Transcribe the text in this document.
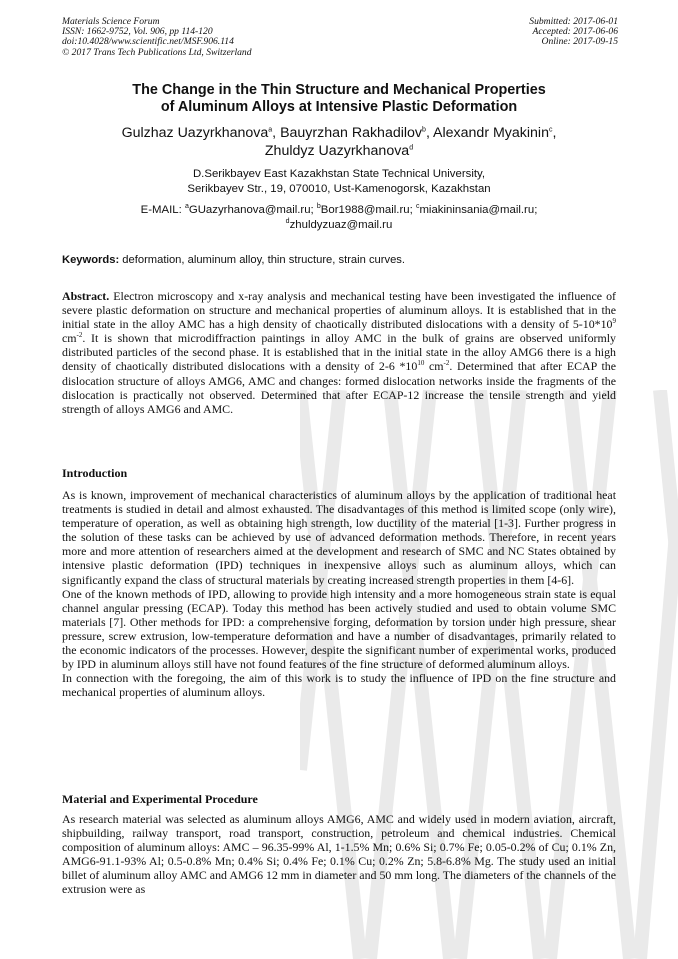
Materials Science Forum
ISSN: 1662-9752, Vol. 906, pp 114-120
doi:10.4028/www.scientific.net/MSF.906.114
© 2017 Trans Tech Publications Ltd, Switzerland
Submitted: 2017-06-01
Accepted: 2017-06-06
Online: 2017-09-15
The Change in the Thin Structure and Mechanical Properties
of Aluminum Alloys at Intensive Plastic Deformation
Gulzhaz Uazyrkhanova$^a$, Bauyrzhan Rakhadilov$^b$, Alexandr Myakinin$^c$,
Zhuldyz Uazyrkhanova$^d$
D.Serikbayev East Kazakhstan State Technical University,
Serikbayev Str., 19, 070010, Ust-Kamenogorsk, Kazakhstan
E-MAIL: $^a$GUazyrhanova@mail.ru; $^b$Bor1988@mail.ru; $^c$miakininsania@mail.ru;
$^d$zhuldyzuaz@mail.ru
Keywords: deformation, aluminum alloy, thin structure, strain curves.
Abstract. Electron microscopy and x-ray analysis and mechanical testing have been investigated the influence of severe plastic deformation on structure and mechanical properties of aluminum alloys. It is established that in the initial state in the alloy AMC has a high density of chaotically distributed dislocations with a density of $5-10*10^9$ $cm^{-2}$. It is shown that microdiffraction paintings in alloy AMC in the bulk of grains are observed uniformly distributed particles of the second phase. It is established that in the initial state in the alloy AMG6 there is a high density of chaotically distributed dislocations with a density of 2-6 $*10^{10}$ $cm^{-2}$. Determined that after ECAP the dislocation structure of alloys AMG6, AMC and changes: formed dislocation networks inside the fragments of the dislocation is practically not observed. Determined that after ECAP-12 increase the tensile strength and yield strength of alloys AMG6 and AMC.
Introduction

As is known, improvement of mechanical characteristics of aluminum alloys by the application of traditional heat treatments is studied in detail and almost exhausted. The disadvantages of this method is limited scope (only wire), temperature of operation, as well as obtaining high strength, low ductility of the material [1-3]. Further progress in the solution of these tasks can be achieved by use of advanced deformation methods. Therefore, in recent years more and more attention of researchers aimed at the development and research of SMC and NC States obtained by intensive plastic deformation (IPD) techniques in inexpensive alloys such as aluminum alloys, which can significantly expand the class of structural materials by creating increased strength properties in them [4-6].

One of the known methods of IPD, allowing to provide high intensity and a more homogeneous strain state is equal channel angular pressing (ECAP). Today this method has been actively studied and used to obtain volume SMC materials [7]. Other methods for IPD: a comprehensive forging, deformation by torsion under high pressure, shear pressure, screw extrusion, low-temperature deformation and have a number of disadvantages, primarily related to the economic indicators of the processes. However, despite the significant number of experimental works, produced by IPD in aluminum alloys still have not found features of the fine structure of deformed aluminum alloys.

In connection with the foregoing, the aim of this work is to study the influence of IPD on the fine structure and mechanical properties of aluminum alloys.

Material and Experimental Procedure

As research material was selected as aluminum alloys AMG6, AMC and widely used in modern aviation, aircraft, shipbuilding, railway transport, road transport, construction, petroleum and chemical industries. Chemical composition of aluminum alloys: AMC – 96.35-99% Al, 1-1.5% Mn; 0.6% Si; 0.7% Fe; 0.05-0.2% of Cu; 0.1% Zn, AMG6-91.1-93% Al; 0.5-0.8% Mn; 0.4% Si; 0.4% Fe; 0.1% Cu; 0.2% Zn; 5.8-6.8% Mg. The study used an initial billet of aluminum alloy AMC and AMG6 12 mm in diameter and 50 mm long. The diameters of the channels of the extrusion were as
